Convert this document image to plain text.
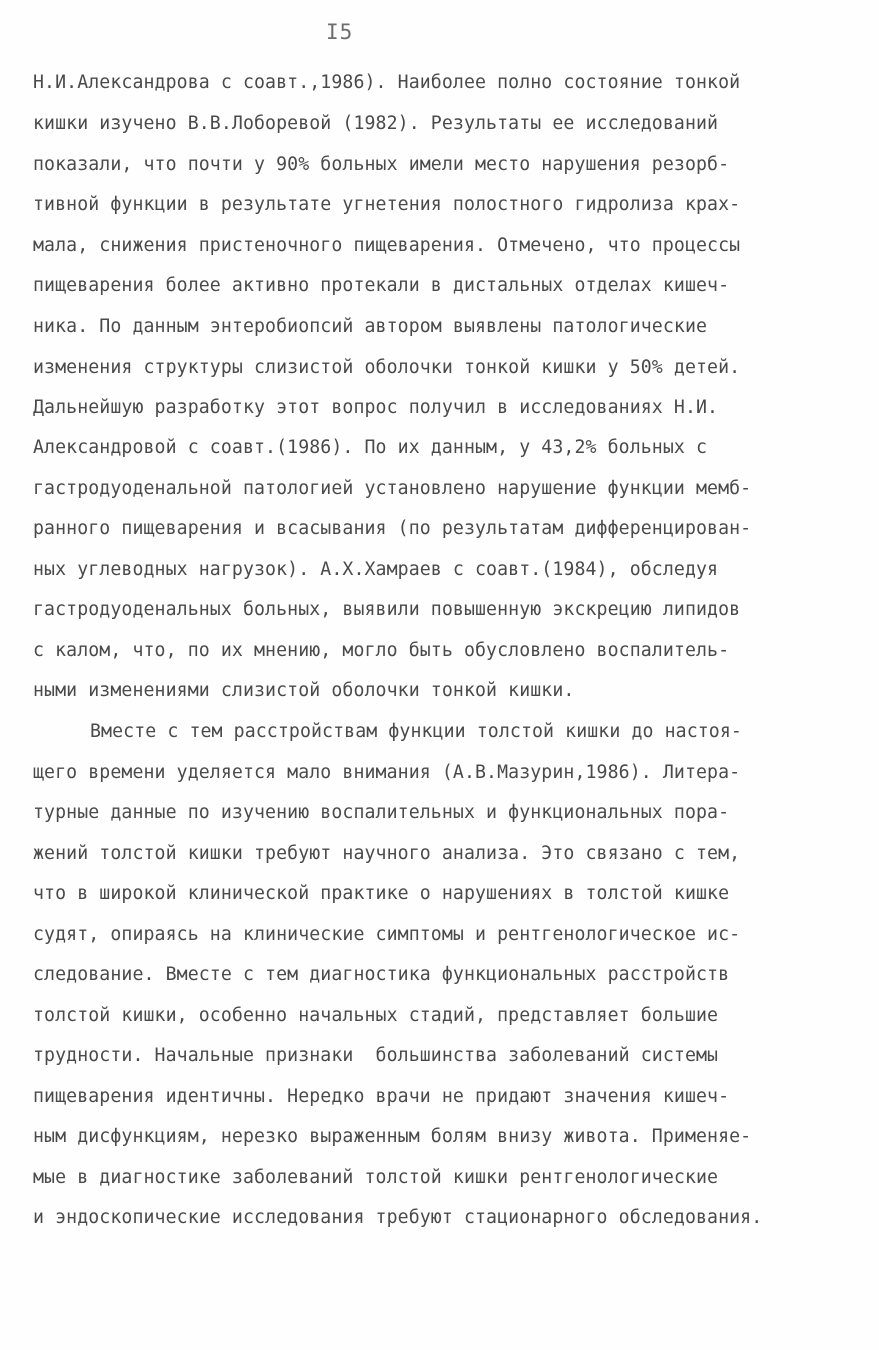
I5
Н.И.Александрова с соавт.,1986). Наиболее полно состояние тонкой
кишки изучено В.В.Лоборевой (1982). Результаты ее исследований
показали, что почти у 90% больных имели место нарушения резорб-
тивной функции в результате угнетения полостного гидролиза крах-
мала, снижения пристеночного пищеварения. Отмечено, что процессы
пищеварения более активно протекали в дистальных отделах кишеч-
ника. По данным энтеробиопсий автором выявлены патологические
изменения структуры слизистой оболочки тонкой кишки у 50% детей.
Дальнейшую разработку этот вопрос получил в исследованиях Н.И.
Александровой с соавт.(1986). По их данным, у 43,2% больных с
гастродуоденальной патологией установлено нарушение функции мемб-
ранного пищеварения и всасывания (по результатам дифференцирован-
ных углеводных нагрузок). А.Х.Хамраев с соавт.(1984), обследуя
гастродуоденальных больных, выявили повышенную экскрецию липидов
с калом, что, по их мнению, могло быть обусловлено воспалитель-
ными изменениями слизистой оболочки тонкой кишки.
Вместе с тем расстройствам функции толстой кишки до настоя-
щего времени уделяется мало внимания (А.В.Мазурин,1986). Литера-
турные данные по изучению воспалительных и функциональных пора-
жений толстой кишки требуют научного анализа. Это связано с тем,
что в широкой клинической практике о нарушениях в толстой кишке
судят, опираясь на клинические симптомы и рентгенологическое ис-
следование. Вместе с тем диагностика функциональных расстройств
толстой кишки, особенно начальных стадий, представляет большие
трудности. Начальные признаки  большинства заболеваний системы
пищеварения идентичны. Нередко врачи не придают значения кишеч-
ным дисфункциям, нерезко выраженным болям внизу живота. Применяе-
мые в диагностике заболеваний толстой кишки рентгенологические
и эндоскопические исследования требуют стационарного обследования.
